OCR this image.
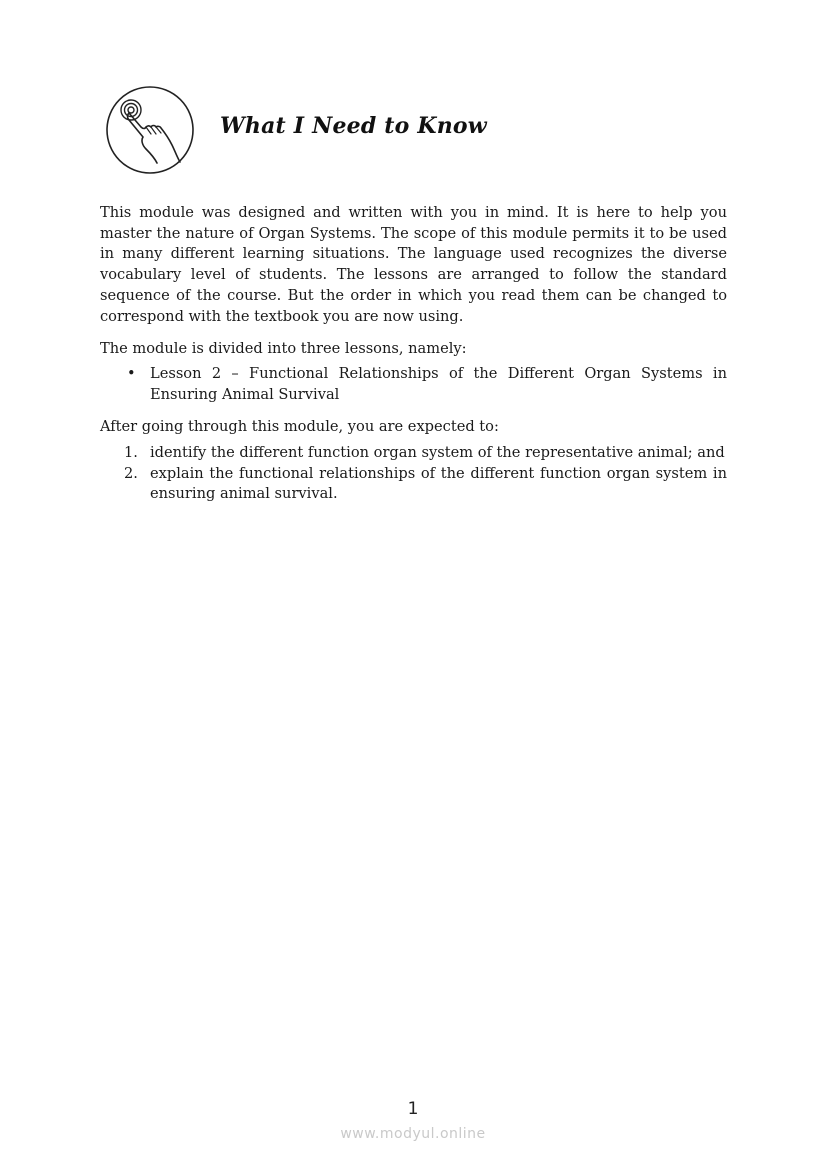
What I Need to Know

This module was designed and written with you in mind. It is here to help you master the nature of Organ Systems. The scope of this module permits it to be used in many different learning situations. The language used recognizes the diverse vocabulary level of students. The lessons are arranged to follow the standard sequence of the course. But the order in which you read them can be changed to correspond with the textbook you are now using.

The module is divided into three lessons, namely:

• Lesson 2 – Functional Relationships of the Different Organ Systems in Ensuring Animal Survival

After going through this module, you are expected to:

1. identify the different function organ system of the representative animal; and
2. explain the functional relationships of the different function organ system in ensuring animal survival.
1
www.modyul.online
